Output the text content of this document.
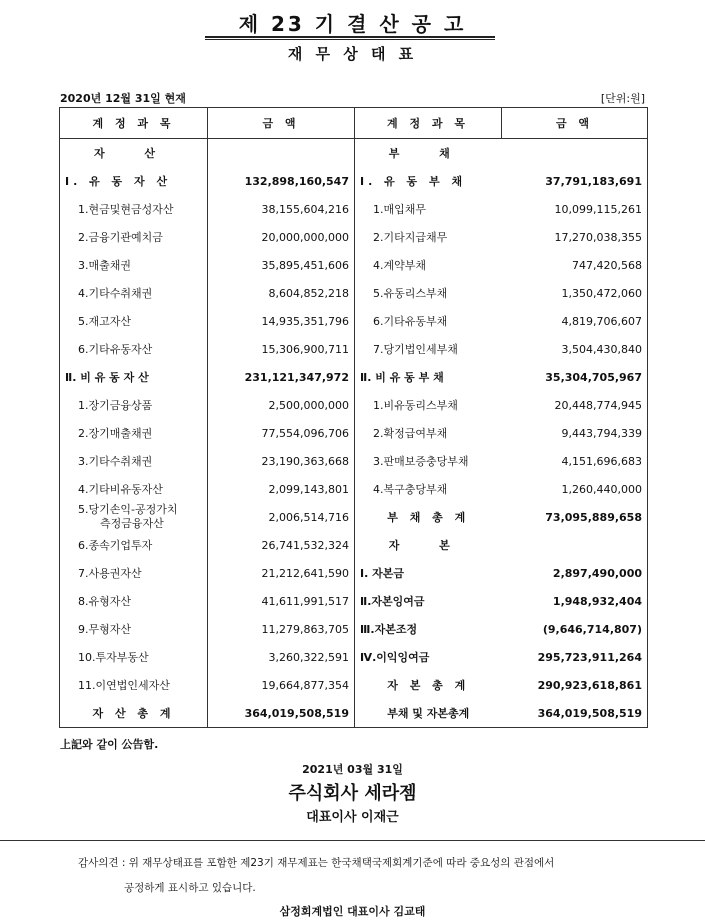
제 23 기 결 산 공 고
재 무 상 태 표
2020년 12월 31일 현재	[단위:원]
계 정 과 목	금 액	계 정 과 목	금 액
자 산		부 채	
Ⅰ. 유 동 자 산	132,898,160,547	Ⅰ. 유 동 부 채	37,791,183,691
1.현금및현금성자산	38,155,604,216	1.매입채무	10,099,115,261
2.금융기관예치금	20,000,000,000	2.기타지급채무	17,270,038,355
3.매출채권	35,895,451,606	4.계약부채	747,420,568
4.기타수취채권	8,604,852,218	5.유동리스부채	1,350,472,060
5.재고자산	14,935,351,796	6.기타유동부채	4,819,706,607
6.기타유동자산	15,306,900,711	7.당기법인세부채	3,504,430,840
Ⅱ. 비 유 동 자 산	231,121,347,972	Ⅱ. 비 유 동 부 채	35,304,705,967
1.장기금융상품	2,500,000,000	1.비유동리스부채	20,448,774,945
2.장기매출채권	77,554,096,706	2.확정급여부채	9,443,794,339
3.기타수취채권	23,190,363,668	3.판매보증충당부채	4,151,696,683
4.기타비유동자산	2,099,143,801	4.복구충당부채	1,260,440,000

5.당기손익-공정가치
측정금융자산	2,006,514,716	부 채 총 계	73,095,889,658
6.종속기업투자	26,741,532,324	자 본	
7.사용권자산	21,212,641,590	Ⅰ. 자본금	2,897,490,000
8.유형자산	41,611,991,517	Ⅱ.자본잉여금	1,948,932,404
9.무형자산	11,279,863,705	Ⅲ.자본조정	(9,646,714,807)
10.투자부동산	3,260,322,591	Ⅳ.이익잉여금	295,723,911,264
11.이연법인세자산	19,664,877,354	자 본 총 계	290,923,618,861
자 산 총 계	364,019,508,519	부채 및 자본총계	364,019,508,519
上記와 같이 公告함.
2021년 03월 31일
주식회사 세라젬
대표이사 이재근
감사의견 : 위 재무상태표를 포함한 제23기 재무제표는 한국채택국제회계기준에 따라 중요성의 관점에서
공정하게 표시하고 있습니다.
삼정회계법인 대표이사 김교태
